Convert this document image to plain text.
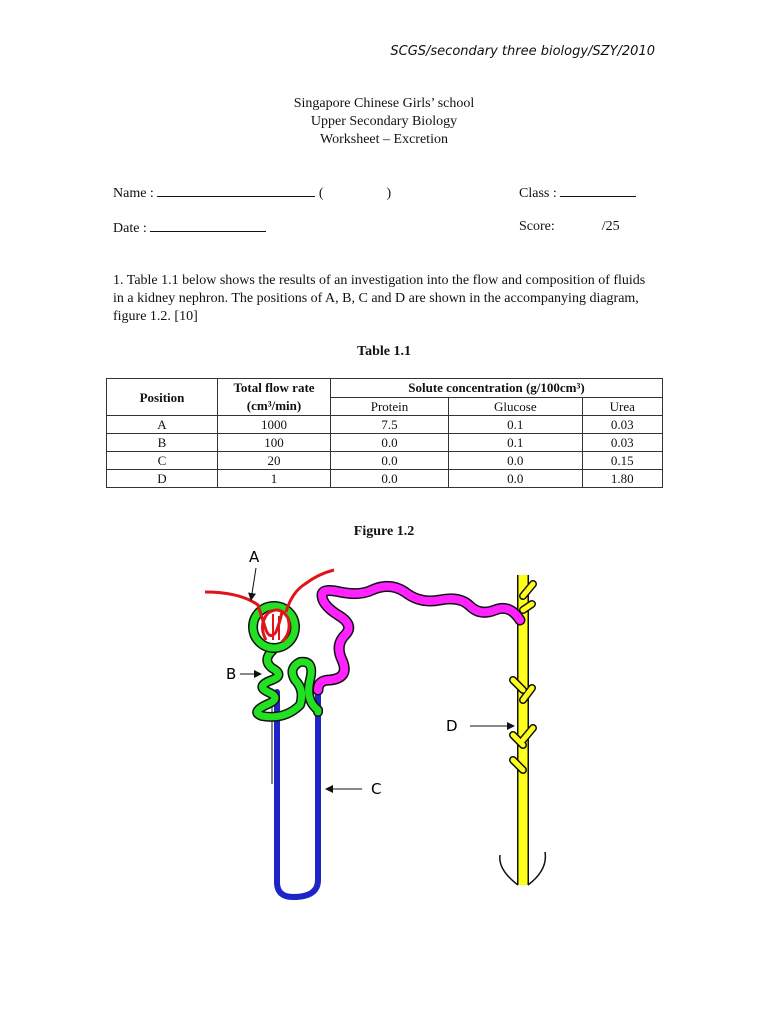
SCGS/secondary three biology/SZY/2010
Singapore Chinese Girls’ school
Upper Secondary Biology
Worksheet – Excretion
Name :	(	)	Class :
Date :	Score:	/25
1. Table 1.1 below shows the results of an investigation into the flow and composition of fluids in a kidney nephron. The positions of A, B, C and D are shown in the accompanying diagram, figure 1.2. [10]
Table 1.1
Position	Total flow rate (cm³/min)	Solute concentration (g/100cm³)		
		Protein	Glucose	Urea
A	1000	7.5	0.1	0.03
B	100	0.0	0.1	0.03
C	20	0.0	0.0	0.15
D	1	0.0	0.0	1.80
Figure 1.2
A
B
C
D
